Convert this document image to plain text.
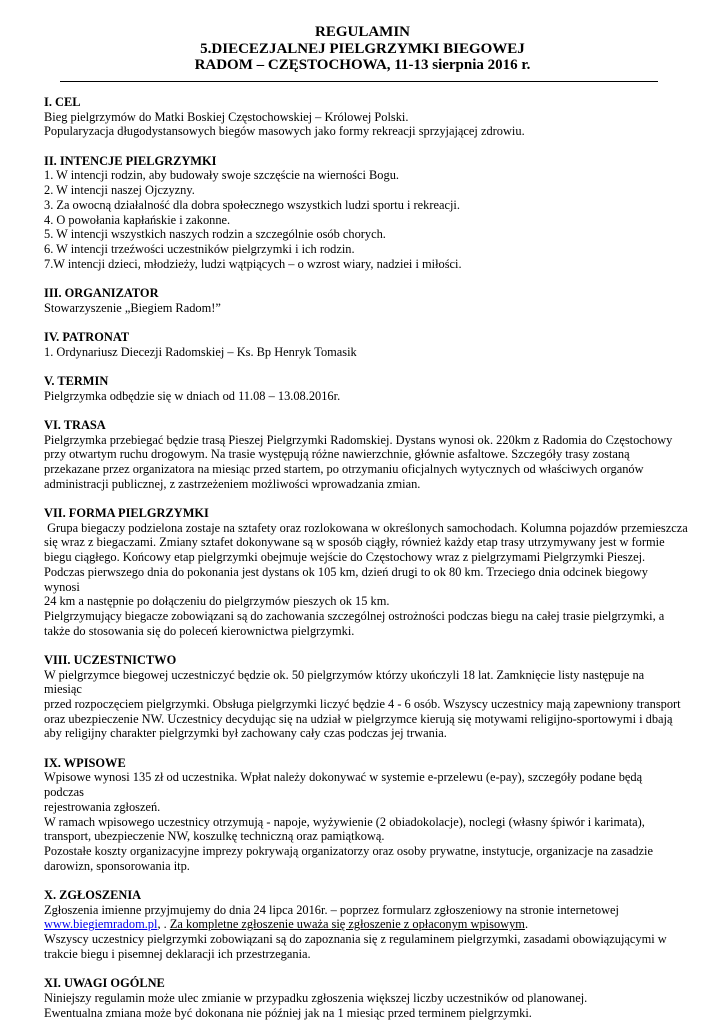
REGULAMIN
5.DIECEZJALNEJ PIELGRZYMKI BIEGOWEJ
RADOM – CZĘSTOCHOWA, 11-13 sierpnia 2016 r.
I. CEL
Bieg pielgrzymów do Matki Boskiej Częstochowskiej – Królowej Polski.
Popularyzacja długodystansowych biegów masowych jako formy rekreacji sprzyjającej zdrowiu.
II. INTENCJE PIELGRZYMKI
1. W intencji rodzin, aby budowały swoje szczęście na wierności Bogu.
2. W intencji naszej Ojczyzny.
3. Za owocną działalność dla dobra społecznego wszystkich ludzi sportu i rekreacji.
4. O powołania kapłańskie i zakonne.
5. W intencji wszystkich naszych rodzin a szczególnie osób chorych.
6. W intencji trzeźwości uczestników pielgrzymki i ich rodzin.
7.W intencji dzieci, młodzieży, ludzi wątpiących – o wzrost wiary, nadziei i miłości.
III. ORGANIZATOR
Stowarzyszenie „Biegiem Radom!”
IV. PATRONAT
1. Ordynariusz Diecezji Radomskiej – Ks. Bp Henryk Tomasik
V. TERMIN
Pielgrzymka odbędzie się w dniach od 11.08 – 13.08.2016r.
VI. TRASA
Pielgrzymka przebiegać będzie trasą Pieszej Pielgrzymki Radomskiej. Dystans wynosi ok. 220km z Radomia do Częstochowy
przy otwartym ruchu drogowym. Na trasie występują różne nawierzchnie, głównie asfaltowe. Szczegóły trasy zostaną
przekazane przez organizatora na miesiąc przed startem, po otrzymaniu oficjalnych wytycznych od właściwych organów
administracji publicznej, z zastrzeżeniem możliwości wprowadzania zmian.
VII. FORMA PIELGRZYMKI
Grupa biegaczy podzielona zostaje na sztafety oraz rozlokowana w określonych samochodach. Kolumna pojazdów przemieszcza
się wraz z biegaczami. Zmiany sztafet dokonywane są w sposób ciągły, również każdy etap trasy utrzymywany jest w formie
biegu ciągłego. Końcowy etap pielgrzymki obejmuje wejście do Częstochowy wraz z pielgrzymami Pielgrzymki Pieszej.
Podczas pierwszego dnia do pokonania jest dystans ok 105 km, dzień drugi to ok 80 km. Trzeciego dnia odcinek biegowy wynosi
24 km a następnie po dołączeniu do pielgrzymów pieszych ok 15 km.
Pielgrzymujący biegacze zobowiązani są do zachowania szczególnej ostrożności podczas biegu na całej trasie pielgrzymki, a
także do stosowania się do poleceń kierownictwa pielgrzymki.
VIII. UCZESTNICTWO
W pielgrzymce biegowej uczestniczyć będzie ok. 50 pielgrzymów którzy ukończyli 18 lat. Zamknięcie listy następuje na miesiąc
przed rozpoczęciem pielgrzymki. Obsługa pielgrzymki liczyć będzie 4 - 6 osób. Wszyscy uczestnicy mają zapewniony transport
oraz ubezpieczenie NW. Uczestnicy decydując się na udział w pielgrzymce kierują się motywami religijno-sportowymi i dbają
aby religijny charakter pielgrzymki był zachowany cały czas podczas jej trwania.
IX. WPISOWE
Wpisowe wynosi 135 zł od uczestnika. Wpłat należy dokonywać w systemie e-przelewu (e-pay), szczegóły podane będą podczas
rejestrowania zgłoszeń.
W ramach wpisowego uczestnicy otrzymują - napoje, wyżywienie (2 obiadokolacje), noclegi (własny śpiwór i karimata),
transport, ubezpieczenie NW, koszulkę techniczną oraz pamiątkową.
Pozostałe koszty organizacyjne imprezy pokrywają organizatorzy oraz osoby prywatne, instytucje, organizacje na zasadzie
darowizn, sponsorowania itp.
X. ZGŁOSZENIA
Zgłoszenia imienne przyjmujemy do dnia 24 lipca 2016r. – poprzez formularz zgłoszeniowy na stronie internetowej
www.biegiemradom.pl, . Za kompletne zgłoszenie uważa się zgłoszenie z opłaconym wpisowym.
Wszyscy uczestnicy pielgrzymki zobowiązani są do zapoznania się z regulaminem pielgrzymki, zasadami obowiązującymi w
trakcie biegu i pisemnej deklaracji ich przestrzegania.
XI. UWAGI OGÓLNE
Niniejszy regulamin może ulec zmianie w przypadku zgłoszenia większej liczby uczestników od planowanej.
Ewentualna zmiana może być dokonana nie później jak na 1 miesiąc przed terminem pielgrzymki.
